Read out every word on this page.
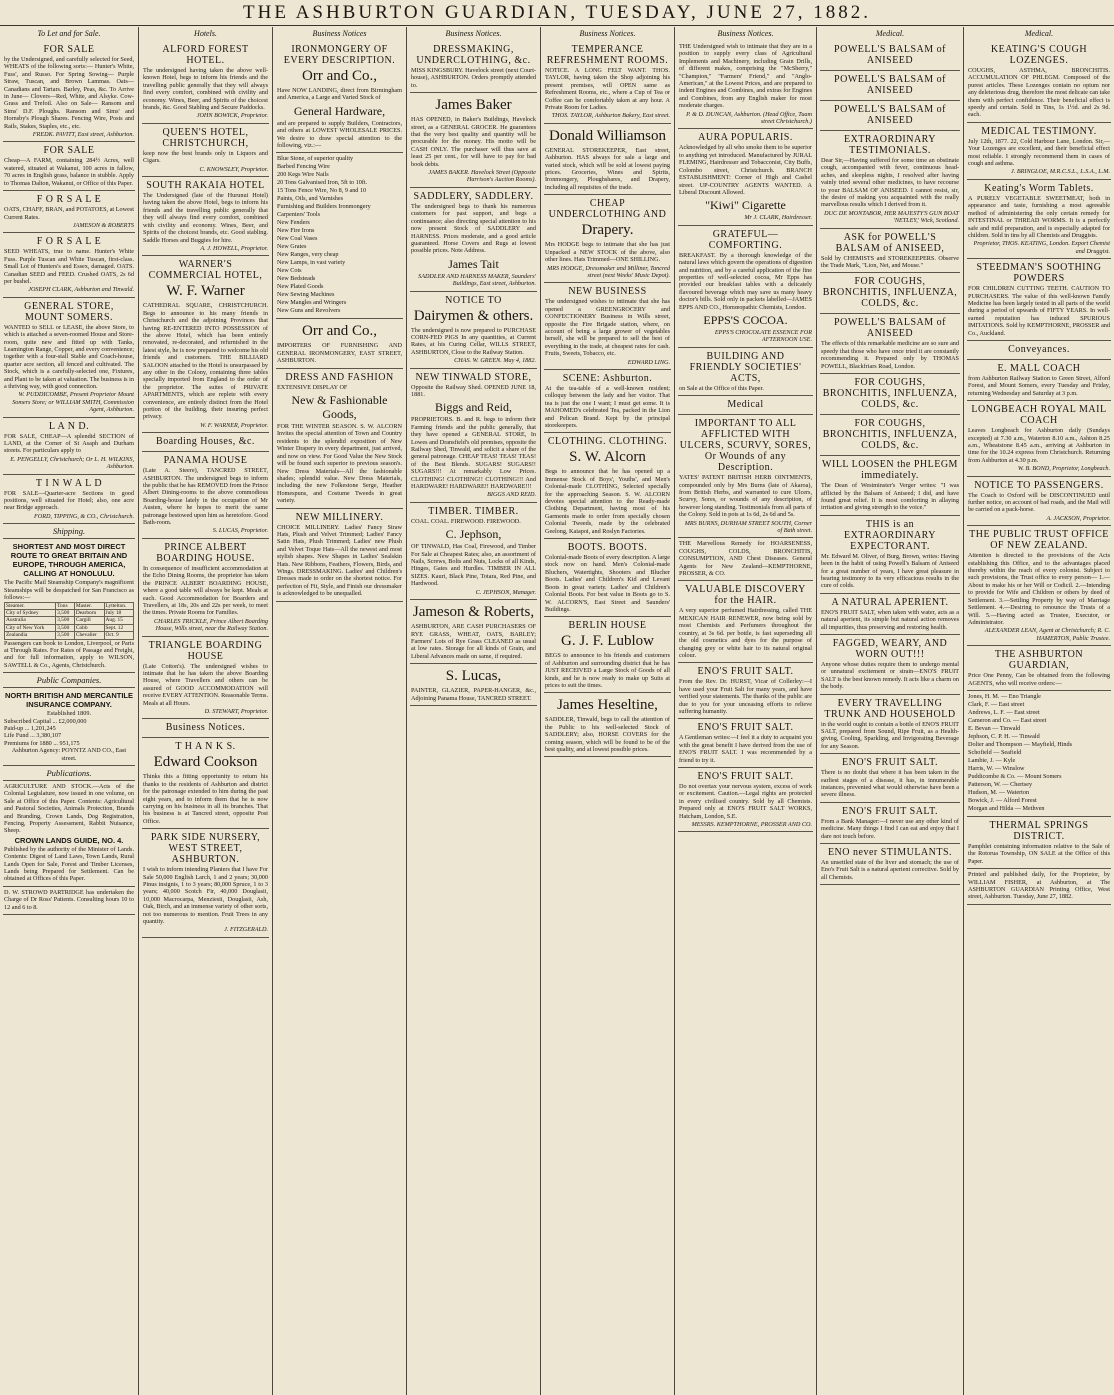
THE ASHBURTON GUARDIAN, TUESDAY, JUNE 27, 1882.
To Let and for Sale.
FOR SALE
by the Undersigned, and carefully selected for Seed, WHEATS of the following sorts:— Hunter's White, Fuss', and Russo. For Spring Sowing— Purple Straw, Tuscan, and Brown Lammas. Oats—Canadians and Tartars. Barley, Peas, &c. To Arrive in June— Clovers—Red, White, and Alsyke. Cow-Grass and Trefoil. Also on Sale— Ransom and Sims' D.F. Ploughs. Ransom and Sims' and Hornsby's Plough Shares. Fencing Wire, Posts and Rails, Stakes, Staples, etc., etc.
FREDK. PAVITT, East street, Ashburton.
FOR SALE
Cheap—A FARM, containing 284½ Acres, well watered, situated at Wakanui, 100 acres in fallow, 70 acres in English grass, balance in stubble. Apply to Thomas Dalton, Wakanui, or Office of this Paper.
F O R S A L E
OATS, CHAFF, BRAN, and POTATOES, at Lowest Current Rates.
JAMESON & ROBERTS
F O R S A L E
SEED WHEATS, true to name. Hunter's White Fuss. Purple Tuscan and White Tuscan, first-class. Small Lot of Hunters's and Essex, damaged. OATS. Canadian SEED and FEED. Crushed OATS, 2s 6d per bushel.
JOSEPH CLARK, Ashburton and Tinwald.
GENERAL STORE, MOUNT SOMERS.
WANTED to SELL or LEASE, the above Store, to which is attached a seven-roomed House and Store-room, quite new and fitted up with Tanks, Leamington Range, Copper, and every convenience; together with a four-stall Stable and Coach-house, quarter acre section, all fenced and cultivated. The Stock, which is a carefully-selected one, Fixtures, and Plant to be taken at valuation. The business is in a thriving way, with good connection.
W. PUDDICOMBE, Present Proprietor Mount Somers Store; or WILLIAM SMITH, Commission Agent, Ashburton.
L A N D.
FOR SALE, CHEAP—A splendid SECTION of LAND, at the Corner of St Asaph and Durham streets. For particulars apply to
E. PENGELLY, Christchurch; Or L. H. WILKINS, Ashburton.
T I N W A L D
FOR SALE—Quarter-acre Sections in good positions, well situated for Hotel; also, one acre near Bridge approach.
FORD, TIPPING, & CO., Christchurch.
Shipping.
SHORTEST AND MOST DIRECT ROUTE TO GREAT BRITAIN AND EUROPE, THROUGH AMERICA, CALLING AT HONOLULU.
The Pacific Mail Steamship Company's magnificent Steamships will be despatched for San Francisco as follows:—
Steamer.	Tons	Master.	Lyttelton.
City of Sydney	3,500	Dearborn	July 18
Australia	3,500	Cargill	Aug. 15
City of New York	3,500	Cobb	Sept. 12
Zealandia	3,500	Chevalier	Oct. 9
Passengers can book to London, Liverpool, or Paris at Through Rates. For Rates of Passage and Freight, and for full information, apply to WILSON, SAWTELL & Co., Agents, Christchurch.
Public Companies.
NORTH BRITISH AND MERCANTILE INSURANCE COMPANY.
Established 1809.
Subscribed Capital ... £2,000,000
Paid-up ... 1,201,245
Life Fund ... 3,380,107
Premiums for 1880 ... 951,175
Ashburton Agency: POYNTZ AND CO., East street.
Publications.
AGRICULTURE AND STOCK.—Acts of the Colonial Legislature, now issued in one volume, on Sale at Office of this Paper. Contents: Agricultural and Pastoral Societies, Animals Protection, Brands and Branding, Crown Lands, Dog Registration, Fencing, Property Assessment, Rabbit Nuisance, Sheep.
CROWN LANDS GUIDE, NO. 4.
Published by the authority of the Minister of Lands. Contents: Digest of Land Laws, Town Lands, Rural Lands Open for Sale, Forest and Timber Licenses, Lands being Prepared for Settlement. Can be obtained at Offices of this Paper.
D. W. STROWD PARTRIDGE has undertaken the Charge of Dr Ross' Patients. Consulting hours 10 to 12 and 6 to 8.
Hotels.
ALFORD FOREST HOTEL.
The undersigned having taken the above well-known Hotel, begs to inform his friends and the travelling public generally that they will always find every comfort, combined with civility and economy. Wines, Beer, and Spirits of the choicest brands, &c. Good Stabling and Secure Paddocks.
JOHN BOWICK, Proprietor.
QUEEN'S HOTEL, CHRISTCHURCH,
keep now the best brands only in Liquors and Cigars.
C. KNOWSLEY, Proprietor.
SOUTH RAKAIA HOTEL
The Undersigned (late of the Hurunui Hotel) having taken the above Hotel, begs to inform his friends and the travelling public generally that they will always find every comfort, combined with civility and economy. Wines, Beer, and Spirits of the choicest brands, etc. Good stabling. Saddle Horses and Buggies for hire.
A. J. HOWELL, Proprietor.
WARNER'S COMMERCIAL HOTEL,
W. F. Warner
CATHEDRAL SQUARE, CHRISTCHURCH. Begs to announce to his many friends in Christchurch and the adjoining Provinces that having RE-ENTERED INTO POSSESSION of the above Hotel, which has been entirely renovated, re-decorated, and refurnished in the latest style, he is now prepared to welcome his old friends and customers. THE BILLIARD SALOON attached to the Hotel is unsurpassed by any other in the Colony, containing three tables specially imported from England to the order of the proprietor. The suites of PRIVATE APARTMENTS, which are replete with every convenience, are entirely distinct from the Hotel portion of the building, their insuring perfect privacy.
W. F. WARNER, Proprietor.
Boarding Houses, &c.
PANAMA HOUSE
(Late A. Steere), TANCRED STREET, ASHBURTON. The undersigned begs to inform the public that he has REMOVED from the Prince Albert Dining-rooms to the above commodious Boarding-house lately in the occupation of Mr Austen, where he hopes to merit the same patronage bestowed upon him as heretofore. Good Bath-room.
S. LUCAS, Proprietor.
PRINCE ALBERT BOARDING HOUSE.
In consequence of insufficient accommodation at the Echo Dining Rooms, the proprietor has taken the PRINCE ALBERT BOARDING HOUSE, where a good table will always be kept. Meals at each. Good Accommodation for Boarders and Travellers, at 18s, 20s and 22s per week, to meet the times. Private Rooms for Families.
CHARLES TRICKLE, Prince Albert Boarding House, Wills street, near the Railway Station.
TRIANGLE BOARDING HOUSE
(Late Cotton's). The undersigned wishes to intimate that he has taken the above Boarding House, where Travellers and others can be assured of GOOD ACCOMMODATION will receive EVERY ATTENTION. Reasonable Terms. Meals at all Hours.
D. STEWART, Proprietor.
Business Notices.
T H A N K S.
Edward Cookson
Thinks this a fitting opportunity to return his thanks to the residents of Ashburton and district for the patronage extended to him during the past eight years, and to inform them that he is now carrying on his business in all its branches. That his business is at Tancred street, opposite Post Office.
PARK SIDE NURSERY, WEST STREET, ASHBURTON.
I wish to inform intending Planters that I have For Sale 50,000 English Larch, 1 and 2 years; 30,000 Pinus insignis, 1 to 3 years; 80,000 Spruce, 1 to 3 years; 40,000 Scotch Fir, 40,000 Douglasii, 10,000 Macrocarpa, Menziesii, Douglasii, Ash, Oak, Birch, and an immense variety of other sorts, not too numerous to mention. Fruit Trees in any quantity.
J. FITZGERALD.
Business Notices
IRONMONGERY OF EVERY DESCRIPTION.
Orr and Co.,
Have NOW LANDING, direct from Birmingham and America, a Large and Varied Stock of
General Hardware,
and are prepared to supply Builders, Contractors, and others at LOWEST WHOLESALE PRICES. We desire to draw special attention to the following, viz.:—
Blue Stone, of superior quality
Barbed Fencing Wire
200 Kegs Wire Nails
20 Tons Galvanised Iron, 5ft to 10ft.
15 Tons Fence Wire, No 8, 9 and 10
Paints, Oils, and Varnishes
Furnishing and Builders Ironmongery
Carpenters' Tools
New Fenders
New Fire Irons
New Coal Vases
New Grates
New Ranges, very cheap
New Lamps, in vast variety
New Cots
New Bedsteads
New Plated Goods
New Sewing Machines
New Mangles and Wringers
New Guns and Revolvers
Orr and Co.,
IMPORTERS OF FURNISHING AND GENERAL IRONMONGERY, EAST STREET, ASHBURTON.
DRESS AND FASHION
EXTENSIVE DISPLAY OF
New & Fashionable Goods,
FOR THE WINTER SEASON. S. W. ALCORN Invites the special attention of Town and Country residents to the splendid exposition of New Winter Drapery in every department, just arrived, and now on view. For Good Value the New Stock will be found such superior to previous season's. New Dress Materials—All the fashionable shades; splendid value. New Dress Materials, including the new Folkestone Serge, Heather Homespuns, and Costume Tweeds in great variety.
NEW MILLINERY.
CHOICE MILLINERY. Ladies' Fancy Straw Hats, Plush and Velvet Trimmed; Ladies' Fancy Satin Hats, Plush Trimmed; Ladies' new Plush and Velvet Toque Hats—All the newest and most stylish shapes. New Shapes in Ladies' Sealskin Hats. New Ribbons, Feathers, Flowers, Birds, and Wings. DRESSMAKING. Ladies' and Children's Dresses made to order on the shortest notice. For perfection of Fit, Style, and Finish our dressmaker is acknowledged to be unequalled.
Business Notices.
DRESSMAKING, UNDERCLOTHING, &c.
MISS KINGSBURY. Havelock street (next Court-house), ASHBURTON. Orders promptly attended to.
James Baker
HAS OPENED, in Baker's Buildings, Havelock street, as a GENERAL GROCER. He guarantees that the very best quality and quantity will be procurable for the money. His motto will be CASH ONLY. The purchaser will thus save at least 25 per cent., for will have to pay for bad book debts.
JAMES BAKER. Havelock Street (Opposite Harrison's Auction Rooms).
SADDLERY, SADDLERY.
The undersigned begs to thank his numerous customers for past support, and begs a continuance; also directing special attention to his now present Stock of SADDLERY and HARNESS. Prices moderate, and a good article guaranteed. Horse Covers and Rugs at lowest possible prices. Note Address.
James Tait
SADDLER AND HARNESS MAKER, Saunders' Buildings, East street, Ashburton.
NOTICE TO
Dairymen & others.
The undersigned is now prepared to PURCHASE CORN-FED PIGS In any quantities, at Current Rates, at his Curing Cellar, WILLS STREET, ASHBURTON, Close to the Railway Station.
CHAS. W. GREEN. May 4, 1882.
NEW TINWALD STORE,
Opposite the Railway Shed. OPENED JUNE 18, 1881.
Biggs and Reid,
PROPRIETORS. B. and R. begs to inform their Farming friends and the public generally, that they have opened a GENERAL STORE, In Lowes and Dransfield's old premises, opposite the Railway Shed, Tinwald, and solicit a share of the general patronage. CHEAP TEAS! TEAS! TEAS! of the Best Blends. SUGARS! SUGARS!! SUGARS!!! At remarkably Low Prices. CLOTHING! CLOTHING!! CLOTHING!!! And HARDWARE! HARDWARE!! HARDWARE!!!
BIGGS AND REID.
TIMBER. TIMBER.
COAL. COAL. FIREWOOD. FIREWOOD.
C. Jephson,
OF TINWALD, Has Coal, Firewood, and Timber For Sale at Cheapest Rates; also, an assortment of Nails, Screws, Bolts and Nuts, Locks of all Kinds, Hinges, Gates and Hurdles. TIMBER IN ALL SIZES. Kauri, Black Pine, Totara, Red Pine, and Hardwood.
C. JEPHSON, Manager.
Jameson & Roberts,
ASHBURTON, ARE CASH PURCHASERS OF RYE GRASS, WHEAT, OATS, BARLEY; Farmers' Lots of Rye Grass CLEANED as usual at low rates. Storage for all kinds of Grain, and Liberal Advances made on same, if required.
S. Lucas,
PAINTER, GLAZIER, PAPER-HANGER, &c., Adjoining Panama House, TANCRED STREET.
Business Notices.
TEMPERANCE REFRESHMENT ROOMS.
NOTICE. A LONG FELT WANT. THOS. TAYLOR, having taken the Shop adjoining his present premises, will OPEN same as Refreshment Rooms, etc., where a Cup of Tea or Coffee can be comfortably taken at any hour. A Private Room for Ladies.
THOS. TAYLOR, Ashburton Bakery, East street.
Donald Williamson
GENERAL STOREKEEPER, East street, Ashburton. HAS always for sale a large and varied stock, which will be sold at lowest paying prices. Groceries, Wines and Spirits, Ironmongery, Ploughshares, and Drapery, including all requisites of the trade.
CHEAP UNDERCLOTHING AND
Drapery.
Mrs HODGE begs to intimate that she has just Unpacked a NEW STOCK of the above, also other lines. Hats Trimmed—ONE SHILLING.
MRS HODGE, Dressmaker and Milliner, Tancred street (next Weeks' Music Depot).
NEW BUSINESS
The undersigned wishes to intimate that she has opened a GREENGROCERY and CONFECTIONERY Business in Wills street, opposite the Fire Brigade station, where, on account of being a large grower of vegetables herself, she will be prepared to sell the best of everything in the trade, at cheapest rates for cash. Fruits, Sweets, Tobacco, etc.
EDWARD LING.
SCENE: Ashburton.
At the tea-table of a well-known resident; colloquy between the lady and her visitor. That tea is just the one I want; I must get some. It is MAHOMED's celebrated Tea, packed in the Lion and Pelican Brand. Kept by the principal storekeepers.
CLOTHING. CLOTHING.
S. W. Alcorn
Begs to announce that he has opened up a Immense Stock of Boys', Youths', and Men's Colonial-made CLOTHING, Selected specially for the approaching Season. S. W. ALCORN devotes special attention to the Ready-made Clothing Department, having most of his Garments made to order from specially chosen Colonial Tweeds, made by the celebrated Geelong, Kaiapoi, and Roslyn Factories.
BOOTS. BOOTS.
Colonial-made Boots of every description. A large stock now on hand. Men's Colonial-made Bluchers, Watertights, Shooters and Blucher Boots. Ladies' and Children's Kid and Levant Boots in great variety. Ladies' and Children's Colonial Boots. For best value in Boots go to S. W. ALCORN'S, East Street and Saunders' Buildings.
BERLIN HOUSE
G. J. F. Lublow
BEGS to announce to his friends and customers of Ashburton and surrounding district that he has JUST RECEIVED a Large Stock of Goods of all kinds, and he is now ready to make up Suits at prices to suit the times.
James Heseltine,
SADDLER, Tinwald, begs to call the attention of the Public to his well-selected Stock of SADDLERY; also, HORSE COVERS for the coming season, which will be found to be of the best quality, and at lowest possible prices.
Business Notices.
THE Undersigned wish to intimate that they are in a position to supply every class of Agricultural Implements and Machinery, including Grain Drills, of different makes, comprising the "McSherry," "Champion," "Farmers' Friend," and "Anglo-American," at the Lowest Prices, and are prepared to indent Engines and Combines, and extras for Engines and Combines, from any English maker for most moderate charges.
P. & D. DUNCAN, Ashburton. (Head Office, Tuam street Christchurch.)
AURA POPULARIS.
Acknowledged by all who smoke them to be superior to anything yet introduced. Manufactured by JURAL FLEMING, Hairdresser and Tobacconist, City Buffs, Colombo street, Christchurch. BRANCH ESTABLISHMENT: Corner of High and Cashel street. UP-COUNTRY AGENTS WANTED. A Liberal Discount Allowed.
"Kiwi" Cigarette
Mr J. CLARK, Hairdresser.
GRATEFUL—COMFORTING.
BREAKFAST. By a thorough knowledge of the natural laws which govern the operations of digestion and nutrition, and by a careful application of the fine properties of well-selected cocoa, Mr Epps has provided our breakfast tables with a delicately flavoured beverage which may save us many heavy doctor's bills. Sold only in packets labelled—JAMES EPPS AND CO., Homœopathic Chemists, London.
EPPS'S COCOA.
EPPS'S CHOCOLATE ESSENCE FOR AFTERNOON USE.
BUILDING AND FRIENDLY SOCIETIES' ACTS,
on Sale at the Office of this Paper.
Medical
IMPORTANT TO ALL AFFLICTED WITH ULCERS, SCURVY, SORES, Or Wounds of any Description.
YATES' PATENT BRITISH HERB OINTMENTS, compounded only by Mrs Burns (late of Akaroa), from British Herbs, and warranted to cure Ulcers, Scurvy, Sores, or wounds of any description, of however long standing. Testimonials from all parts of the Colony. Sold in pots at 1s 6d, 2s 6d and 5s.
MRS BURNS, DURHAM STREET SOUTH, Corner of Bath street.
THE Marvellous Remedy for HOARSENESS, COUGHS, COLDS, BRONCHITIS, CONSUMPTION, AND Chest Diseases. General Agents for New Zealand—KEMPTHORNE, PROSSER, & CO.
VALUABLE DISCOVERY for the HAIR.
A very superior perfumed Hairdressing, called THE MEXICAN HAIR RENEWER, now being sold by most Chemists and Perfumers throughout the country, at 3s 6d. per bottle, is fast superseding all the old cosmetics and dyes for the purpose of changing grey or white hair to its natural original colour.
ENO'S FRUIT SALT.
From the Rev. Dr. HURST, Vicar of Collerley:—I have used your Fruit Salt for many years, and have verified your statements. The thanks of the public are due to you for your unceasing efforts to relieve suffering humanity.
ENO'S FRUIT SALT.
A Gentleman writes:—I feel it a duty to acquaint you with the great benefit I have derived from the use of ENO'S FRUIT SALT. I was recommended by a friend to try it.
ENO'S FRUIT SALT.
Do not overtax your nervous system, excess of work or excitement. Caution.—Legal rights are protected in every civilised country. Sold by all Chemists. Prepared only at ENO'S FRUIT SALT WORKS, Hatcham, London, S.E.
MESSRS. KEMPTHORNE, PROSSER AND CO.
Medical.
POWELL'S BALSAM of ANISEED
POWELL'S BALSAM of ANISEED
POWELL'S BALSAM of ANISEED
EXTRAORDINARY TESTIMONIALS.
Dear Sir,—Having suffered for some time an obstinate cough, accompanied with fever, continuous head-aches, and sleepless nights, I resolved after having vainly tried several other medicines, to have recourse to your BALSAM OF ANISEED. I cannot resist, sir, the desire of making you acquainted with the really marvellous results which I derived from it.
DUC DE MONTABOR, HER MAJESTY'S GUN BOAT 'NETLEY,' Wick, Scotland.
ASK for POWELL'S BALSAM of ANISEED,
Sold by CHEMISTS and STOREKEEPERS. Observe the Trade Mark, "Lion, Net, and Mouse."
FOR COUGHS, BRONCHITIS, INFLUENZA, COLDS, &c.
POWELL'S BALSAM of ANISEED
The effects of this remarkable medicine are so sure and speedy that those who have once tried it are constantly recommending it. Prepared only by THOMAS POWELL, Blackfriars Road, London.
FOR COUGHS, BRONCHITIS, INFLUENZA, COLDS, &c.
FOR COUGHS, BRONCHITIS, INFLUENZA, COLDS, &c.
WILL LOOSEN the PHLEGM immediately.
The Dean of Westminster's Verger writes: "I was afflicted by the Balsam of Aniseed; I did, and have found great relief. It is most comforting in allaying irritation and giving strength to the voice."
THIS is an EXTRAORDINARY EXPECTORANT.
Mr. Edward M. Oliver, of Burg, Brown, writes: Having been in the habit of using Powell's Balsam of Aniseed for a great number of years, I have great pleasure in bearing testimony to its very efficacious results in the cure of colds.
A NATURAL APERIENT.
ENO'S FRUIT SALT, when taken with water, acts as a natural aperient, its simple but natural action removes all impurities, thus preserving and restoring health.
FAGGED, WEARY, AND WORN OUT!!!
Anyone whose duties require them to undergo mental or unnatural excitement or strain—ENO'S FRUIT SALT is the best known remedy. It acts like a charm on the body.
EVERY TRAVELLING TRUNK AND HOUSEHOLD
in the world ought to contain a bottle of ENO'S FRUIT SALT, prepared from Sound, Ripe Fruit, as a Health-giving, Cooling, Sparkling, and Invigorating Beverage for any Season.
ENO'S FRUIT SALT.
There is no doubt that where it has been taken in the earliest stages of a disease, it has, in innumerable instances, prevented what would otherwise have been a severe illness.
ENO'S FRUIT SALT.
From a Bank Manager:—I never use any other kind of medicine. Many things I find I can eat and enjoy that I dare not touch before.
ENO never STIMULANTS.
An unsettled state of the liver and stomach; the use of Eno's Fruit Salt is a natural aperient corrective. Sold by all Chemists.
Medical.
KEATING'S COUGH LOZENGES.
COUGHS, ASTHMA, BRONCHITIS. ACCUMULATION OF PHLEGM. Composed of the purest articles. These Lozenges contain no opium nor any deleterious drug, therefore the most delicate can take them with perfect confidence. Their beneficial effect is speedy and certain. Sold in Tins, 1s 1½d. and 2s 9d. each.
MEDICAL TESTIMONY.
July 12th, 1877. 22, Cold Harbour Lane, London. Sir,—Your Lozenges are excellent, and their beneficial effect most reliable. I strongly recommend them in cases of cough and asthma.
J. BRINGLOE, M.R.C.S.L., L.S.A., L.M.
Keating's Worm Tablets.
A PURELY VEGETABLE SWEETMEAT, both in appearance and taste, furnishing a most agreeable method of administering the only certain remedy for INTESTINAL or THREAD WORMS. It is a perfectly safe and mild preparation, and is especially adapted for children. Sold in tins by all Chemists and Druggists.
Proprietor, THOS. KEATING, London. Export Chemist and Druggist.
STEEDMAN'S SOOTHING POWDERS
FOR CHILDREN CUTTING TEETH. CAUTION TO PURCHASERS. The value of this well-known Family Medicine has been largely tested in all parts of the world during a period of upwards of FIFTY YEARS. In well-earned reputation has induced SPURIOUS IMITATIONS. Sold by KEMPTHORNE, PROSSER and Co., Auckland.
Conveyances.
E. MALL COACH
from Ashburton Railway Station to Green Street, Alford Forest, and Mount Somers, every Tuesday and Friday, returning Wednesday and Saturday at 3 p.m.
LONGBEACH ROYAL MAIL COACH
Leaves Longbeach for Ashburton daily (Sundays excepted) at 7.30 a.m., Waterton 8.10 a.m., Ashton 8.25 a.m., Wheatstone 8.45 a.m., arriving at Ashburton in time for the 10.24 express from Christchurch. Returning from Ashburton at 4.30 p.m.
W. B. BOND, Proprietor, Longbeach.
NOTICE TO PASSENGERS.
The Coach to Oxford will be DISCONTINUED until further notice, on account of bad roads, and the Mail will be carried on a pack-horse.
A. JACKSON, Proprietor.
THE PUBLIC TRUST OFFICE OF NEW ZEALAND.
Attention is directed to the provisions of the Acts establishing this Office, and to the advantages placed thereby within the reach of every colonist. Subject to such provisions, the Trust office to every person— 1.—About to make his or her Will or Codicil. 2.—Intending to provide for Wife and Children or others by deed of Settlement. 3.—Settling Property by way of Marriage Settlement. 4.—Desiring to renounce the Trusts of a Will. 5.—Having acted as Trustee, Executor, or Administrator.
ALEXANDER LEAN, Agent at Christchurch; R. C. HAMERTON, Public Trustee.
THE ASHBURTON GUARDIAN,
Price One Penny, Can be obtained from the following AGENTS, who will receive orders:—
Jones, H. M. — Eno Triangle
Clark, F. — East street
Andrews, L. F. — East street
Cameron and Co. — East street
E. Bevan — Tinwald
Jephson, C. P. H. — Tinwald
Dolier and Thompson — Mayfield, Hinds
Schofield — Seafield
Lambie, J. — Kyle
Harris, W. — Winslow
Puddicombe & Co. — Mount Somers
Patterson, W. — Chertsey
Hudson, M. — Waterton
Bowick, J. — Alford Forest
Morgan and Hilda — Methven
THERMAL SPRINGS DISTRICT.
Pamphlet containing information relative to the Sale of the Rotorua Township, ON SALE at the Office of this Paper.
Printed and published daily, for the Proprietor, by WILLIAM FISHER, at Ashburton, at The ASHBURTON GUARDIAN Printing Office, West street, Ashburton. Tuesday, June 27, 1882.
